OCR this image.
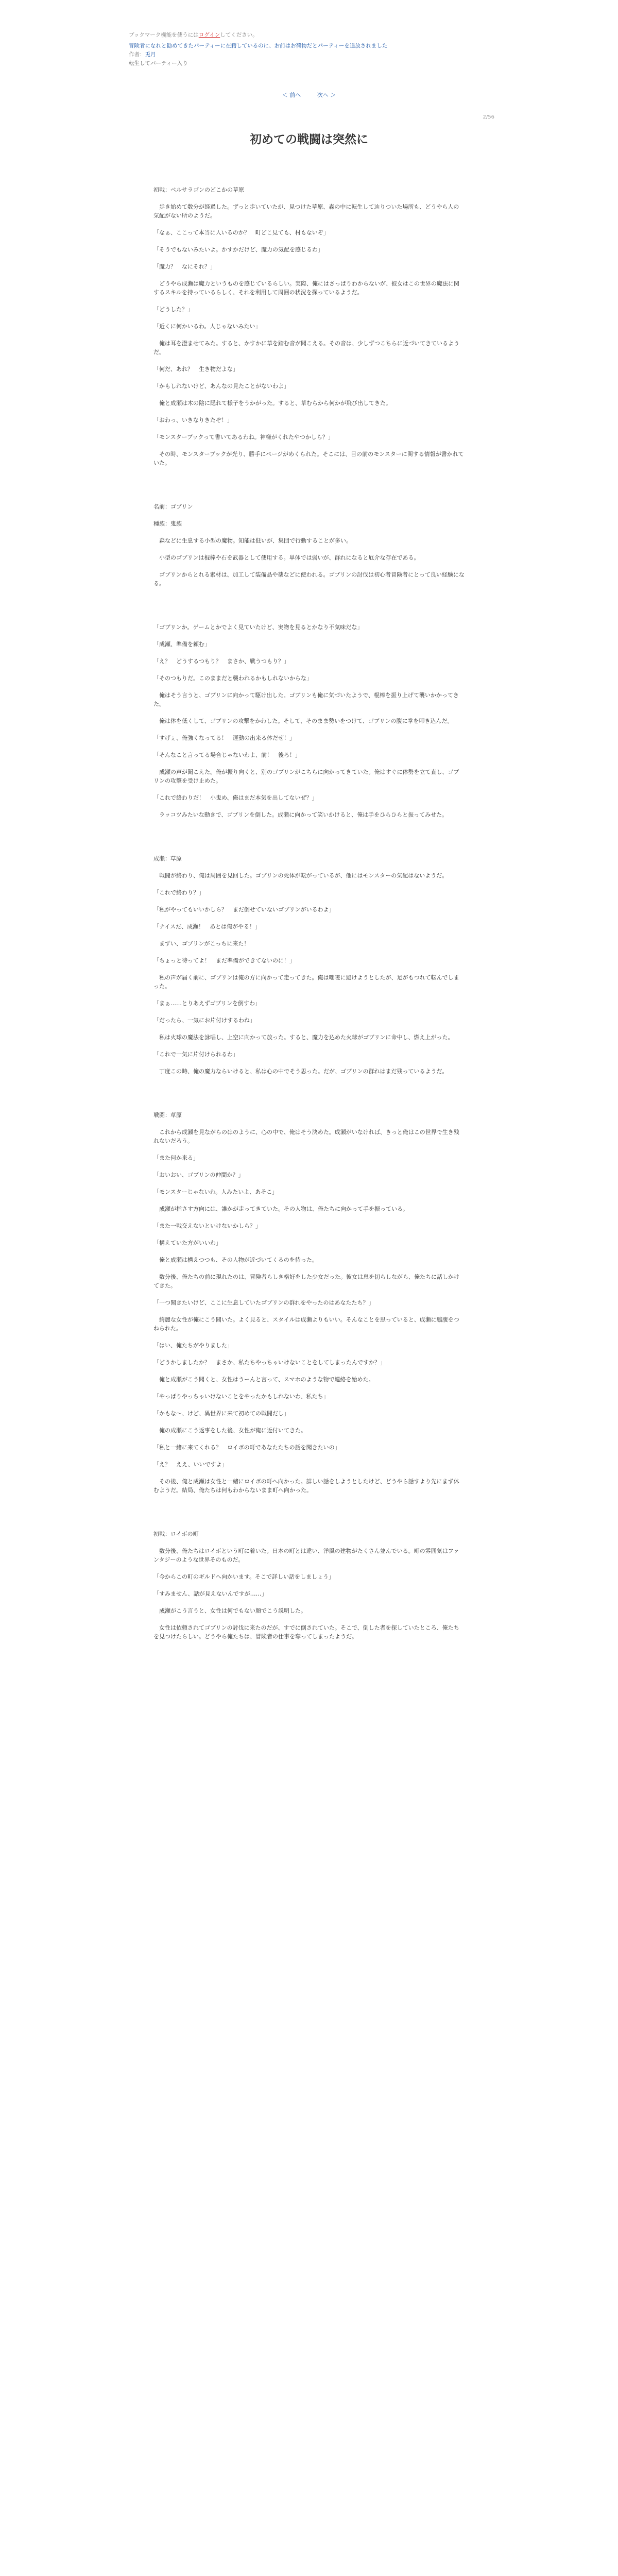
ブックマーク機能を使うにはログインしてください。
冒険者になれと勧めてきたパーティーに在籍しているのに、お前はお荷物だとパーティーを追放されました
作者：兎月
転生してパーティー入り
＜ 前へ	次へ ＞
2/56
初めての戦闘は突然に

初戦：ペルサラゴンのどこかの草原

　歩き始めて数分が経過した。ずっと歩いていたが、見つけた草原、森の中に転生して辿りついた場所も、どうやら人の気配がない所のようだ。

「なぁ、ここって本当に人いるのか？　町どこ見ても、村もないぞ」

「そうでもないみたいよ。かすかだけど、魔力の気配を感じるわ」

「魔力？　なにそれ？」

　どうやら成瀬は魔力というものを感じているらしい。実際、俺にはさっぱりわからないが、彼女はこの世界の魔法に関するスキルを持っているらしく、それを利用して周囲の状況を探っているようだ。

「どうした？」

「近くに何かいるわ。人じゃないみたい」

　俺は耳を澄ませてみた。すると、かすかに草を踏む音が聞こえる。その音は、少しずつこちらに近づいてきているようだ。

「何だ、あれ？　生き物だよな」

「かもしれないけど、あんなの見たことがないわよ」

　俺と成瀬は木の陰に隠れて様子をうかがった。すると、草むらから何かが飛び出してきた。

「おわっ、いきなりきたぞ！」

「モンスターブックって書いてあるわね。神様がくれたやつかしら？」

　その時、モンスターブックが光り、勝手にページがめくられた。そこには、目の前のモンスターに関する情報が書かれていた。

名前：ゴブリン

種族：鬼族

　森などに生息する小型の魔物。知能は低いが、集団で行動することが多い。

　小型のゴブリンは棍棒や石を武器として使用する。単体では弱いが、群れになると厄介な存在である。

　ゴブリンからとれる素材は、加工して装備品や薬などに使われる。ゴブリンの討伐は初心者冒険者にとって良い経験になる。

「ゴブリンか。ゲームとかでよく見ていたけど、実物を見るとかなり不気味だな」

「成瀬、準備を頼む」

「え？　どうするつもり？　まさか、戦うつもり？」

「そのつもりだ。このままだと襲われるかもしれないからな」

　俺はそう言うと、ゴブリンに向かって駆け出した。ゴブリンも俺に気づいたようで、棍棒を振り上げて襲いかかってきた。

　俺は体を低くして、ゴブリンの攻撃をかわした。そして、そのまま勢いをつけて、ゴブリンの腹に拳を叩き込んだ。

「すげぇ、俺強くなってる！　運動の出来る体だぜ！」

「そんなこと言ってる場合じゃないわよ、前！　後ろ！」

　成瀬の声が聞こえた。俺が振り向くと、別のゴブリンがこちらに向かってきていた。俺はすぐに体勢を立て直し、ゴブリンの攻撃を受け止めた。

「これで終わりだ！　小鬼め、俺はまだ本気を出してないぜ？」

　ラッコツみたいな動きで、ゴブリンを倒した。成瀬に向かって笑いかけると、俺は手をひらひらと振ってみせた。

成瀬：草原

　戦闘が終わり、俺は周囲を見回した。ゴブリンの死体が転がっているが、他にはモンスターの気配はないようだ。

「これで終わり？」

「私がやってもいいかしら？　まだ倒せていないゴブリンがいるわよ」

「ナイスだ、成瀬！　あとは俺がやる！」

　まずい、ゴブリンがこっちに来た！

「ちょっと待ってよ！　まだ準備ができてないのに！」

　私の声が届く前に、ゴブリンは俺の方に向かって走ってきた。俺は咄嗟に避けようとしたが、足がもつれて転んでしまった。

「まぁ……とりあえずゴブリンを倒すわ」

「だったら、一気にお片付けするわね」

　私は火球の魔法を詠唱し、上空に向かって放った。すると、魔力を込めた火球がゴブリンに命中し、燃え上がった。

「これで一気に片付けられるわ」

　丁度この時、俺の魔力ならいけると、私は心の中でそう思った。だが、ゴブリンの群れはまだ残っているようだ。

戦闘：草原

　これから成瀬を見ながらのはのように、心の中で、俺はそう決めた。成瀬がいなければ、きっと俺はこの世界で生き残れないだろう。

「また何か来る」

「おいおい、ゴブリンの仲間か？」

「モンスターじゃないわ。人みたいよ、あそこ」

　成瀬が指さす方向には、誰かが走ってきていた。その人物は、俺たちに向かって手を振っている。

「また一戦交えないといけないかしら？」

「構えていた方がいいわ」

　俺と成瀬は構えつつも、その人物が近づいてくるのを待った。

　数分後、俺たちの前に現れたのは、冒険者らしき格好をした少女だった。彼女は息を切らしながら、俺たちに話しかけてきた。

「一つ聞きたいけど、ここに生息していたゴブリンの群れをやったのはあなたたち？」

　綺麗な女性が俺にこう聞いた。よく見ると、スタイルは成瀬よりもいい。そんなことを思っていると、成瀬に脇腹をつねられた。

「はい、俺たちがやりました」

「どうかしましたか？　まさか、私たちやっちゃいけないことをしてしまったんですか？」

　俺と成瀬がこう聞くと、女性はうーんと言って、スマホのような物で連絡を始めた。

「やっぱりやっちゃいけないことをやったかもしれないわ、私たち」

「かもな～、けど、異世界に来て初めての戦闘だし」

　俺の成瀬にこう返事をした後、女性が俺に近付いてきた。

「私と一緒に来てくれる？　ロイボの町であなたたちの話を聞きたいの」

「え？　ええ、いいですよ」

　その後、俺と成瀬は女性と一緒にロイボの町へ向かった。詳しい話をしようとしたけど、どうやら話すより先にまず休むようだ。結局、俺たちは何もわからないまま町へ向かった。

初戦：ロイボの町

　数分後、俺たちはロイボという町に着いた。日本の町とは違い、洋風の建物がたくさん並んでいる。町の雰囲気はファンタジーのような世界そのものだ。

「今からこの町のギルドへ向かいます。そこで詳しい話をしましょう」

「すみません、話が見えないんですが……」

　成瀬がこう言うと、女性は何でもない顔でこう説明した。

　女性は依頼されてゴブリンの討伐に来たのだが、すでに倒されていた。そこで、倒した者を探していたところ、俺たちを見つけたらしい。どうやら俺たちは、冒険者の仕事を奪ってしまったようだ。
